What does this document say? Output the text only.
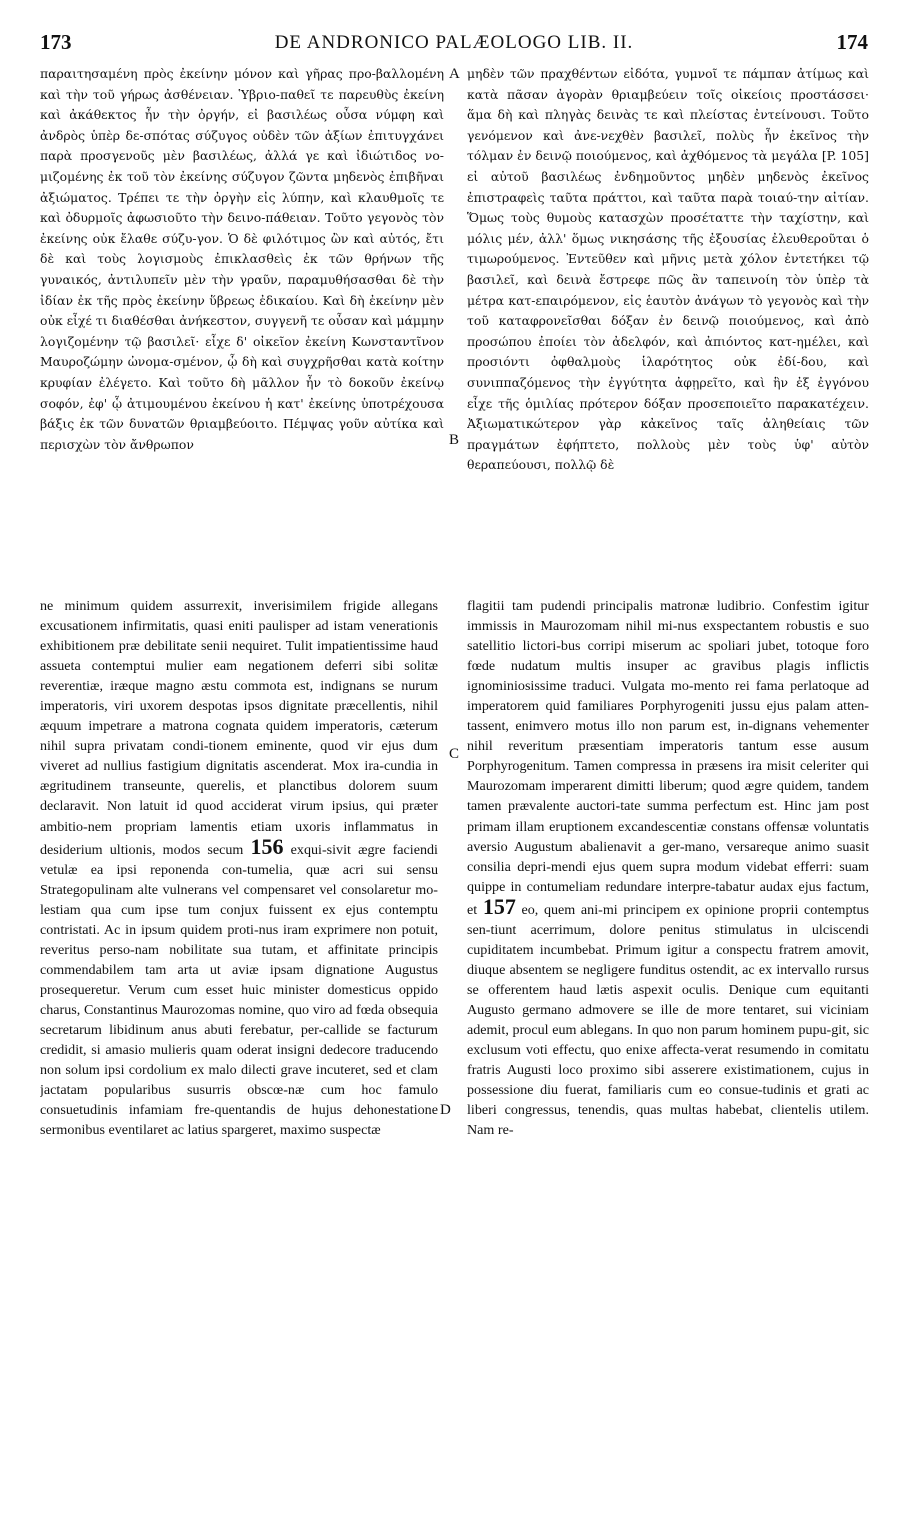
173	DE ANDRONICO PALÆOLOGO LIB. II.	174

παραιτησαμένη πρὸς ἐκείνην μόνον καὶ γῆρας προ-βαλλομένη καὶ τὴν τοῦ γήρως ἀσθένειαν. Ὑβριο-παθεῖ τε παρευθὺς ἐκείνη καὶ ἀκάθεκτος ἦν τὴν ὀργήν, εἰ βασιλέως οὖσα νύμφη καὶ ἀνδρὸς ὑπὲρ δε-σπότας σύζυγος οὐδὲν τῶν ἀξίων ἐπιτυγχάνει παρὰ προσγενοῦς μὲν βασιλέως, ἀλλά γε καὶ ἰδιώτιδος νο-μιζομένης ἐκ τοῦ τὸν ἐκείνης σύζυγον ζῶντα μηδενὸς ἐπιβῆναι ἀξιώματος. Τρέπει τε τὴν ὀργὴν εἰς λύπην, καὶ κλαυθμοῖς τε καὶ ὀδυρμοῖς ἀφωσιοῦτο τὴν δεινο-πάθειαν. Τοῦτο γεγονὸς τὸν ἐκείνης οὐκ ἔλαθε σύζυ-γον. Ὁ δὲ φιλότιμος ὢν καὶ αὐτός, ἔτι δὲ καὶ τοὺς λογισμοὺς ἐπικλασθεὶς ἐκ τῶν θρήνων τῆς γυναικός, ἀντιλυπεῖν μὲν τὴν γραῦν, παραμυθήσασθαι δὲ τὴν ἰδίαν ἐκ τῆς πρὸς ἐκείνην ὕβρεως ἐδικαίου. Καὶ δὴ ἐκείνην μὲν οὐκ εἶχέ τι διαθέσθαι ἀνήκεστον, συγγενῆ τε οὖσαν καὶ μάμμην λογιζομένην τῷ βασιλεῖ· εἶχε δ' οἰκεῖον ἐκείνη Κωνσταντῖνον Μαυροζώμην ὠνομα-σμένον, ᾧ δὴ καὶ συγχρῆσθαι κατὰ κοίτην κρυφίαν ἐλέγετο. Καὶ τοῦτο δὴ μᾶλλον ἦν τὸ δοκοῦν ἐκείνῳ σοφόν, ἐφ' ᾧ ἀτιμουμένου ἐκείνου ἡ κατ' ἐκείνης ὑποτρέχουσα βάξις ἐκ τῶν δυνατῶν θριαμβεύοιτο. Πέμψας γοῦν αὐτίκα καὶ περισχὼν τὸν ἄνθρωπον

μηδὲν τῶν πραχθέντων εἰδότα, γυμνοῖ τε πάμπαν ἀτίμως καὶ κατὰ πᾶσαν ἀγορὰν θριαμβεύειν τοῖς οἰκείοις προστάσσει· ἅμα δὴ καὶ πληγὰς δεινὰς τε καὶ πλείστας ἐντείνουσι. Τοῦτο γενόμενον καὶ ἀνε-νεχθὲν βασιλεῖ, πολὺς ἦν ἐκεῖνος τὴν τόλμαν ἐν δεινῷ ποιούμενος, καὶ ἀχθόμενος τὰ μεγάλα [P. 105] εἰ αὐτοῦ βασιλέως ἐνδημοῦντος μηδὲν μηδενὸς ἐκεῖνος ἐπιστραφεὶς ταῦτα πράττοι, καὶ ταῦτα παρὰ τοιαύ-την αἰτίαν. Ὅμως τοὺς θυμοὺς κατασχὼν προσέταττε τὴν ταχίστην, καὶ μόλις μέν, ἀλλ' ὅμως νικησάσης τῆς ἐξουσίας ἐλευθεροῦται ὁ τιμωρούμενος. Ἐντεῦθεν καὶ μῆνις μετὰ χόλον ἐντετήκει τῷ βασιλεῖ, καὶ δεινὰ ἔστρεφε πῶς ἂν ταπεινοίη τὸν ὑπὲρ τὰ μέτρα κατ-επαιρόμενον, εἰς ἑαυτὸν ἀνάγων τὸ γεγονὸς καὶ τὴν τοῦ καταφρονεῖσθαι δόξαν ἐν δεινῷ ποιούμενος, καὶ ἀπὸ προσώπου ἐποίει τὸν ἀδελφόν, καὶ ἀπιόντος κατ-ημέλει, καὶ προσιόντι ὀφθαλμοὺς ἱλαρότητος οὐκ ἐδί-δου, καὶ συνιππαζόμενος τὴν ἐγγύτητα ἀφῃρεῖτο, καὶ ἣν ἐξ ἐγγόνου εἶχε τῆς ὁμιλίας πρότερον δόξαν προσεποιεῖτο παρακατέχειν. Ἀξιωματικώτερον γὰρ κἀκεῖνος ταῖς ἀληθείαις τῶν πραγμάτων ἐφήπτετο, πολλοὺς μὲν τοὺς ὑφ' αὐτὸν θεραπεύουσι, πολλῷ δὲ

A
B
C
D

ne minimum quidem assurrexit, inverisimilem frigide allegans excusationem infirmitatis, quasi eniti paulisper ad istam venerationis exhibitionem præ debilitate senii nequiret. Tulit impatientissime haud assueta contemptui mulier eam negationem deferri sibi solitæ reverentiæ, iræque magno æstu commota est, indignans se nurum imperatoris, viri uxorem despotas ipsos dignitate præcellentis, nihil æquum impetrare a matrona cognata quidem imperatoris, cæterum nihil supra privatam condi-tionem eminente, quod vir ejus dum viveret ad nullius fastigium dignitatis ascenderat. Mox ira-cundia in ægritudinem transeunte, querelis, et planctibus dolorem suum declaravit. Non latuit id quod acciderat virum ipsius, qui præter ambitio-nem propriam lamentis etiam uxoris inflammatus in desiderium ultionis, modos secum 156 exqui-sivit ægre faciendi vetulæ ea ipsi reponenda con-tumelia, quæ acri sui sensu Strategopulinam alte vulnerans vel compensaret vel consolaretur mo-lestiam qua cum ipse tum conjux fuissent ex ejus contemptu contristati. Ac in ipsum quidem proti-nus iram exprimere non potuit, reveritus perso-nam nobilitate sua tutam, et affinitate principis commendabilem tam arta ut aviæ ipsam dignatione Augustus prosequeretur. Verum cum esset huic minister domesticus oppido charus, Constantinus Maurozomas nomine, quo viro ad fœda obsequia secretarum libidinum anus abuti ferebatur, per-callide se facturum credidit, si amasio mulieris quam oderat insigni dedecore traducendo non solum ipsi cordolium ex malo dilecti grave incuteret, sed et clam jactatam popularibus susurris obscœ-næ cum hoc famulo consuetudinis infamiam fre-quentandis de hujus dehonestatione sermonibus eventilaret ac latius spargeret, maximo suspectæ

flagitii tam pudendi principalis matronæ ludibrio. Confestim igitur immissis in Maurozomam nihil mi-nus exspectantem robustis e suo satellitio lictori-bus corripi miserum ac spoliari jubet, totoque foro fœde nudatum multis insuper ac gravibus plagis inflictis ignominiosissime traduci. Vulgata mo-mento rei fama perlatoque ad imperatorem quid familiares Porphyrogeniti jussu ejus palam atten-tassent, enimvero motus illo non parum est, in-dignans vehementer nihil reveritum præsentiam imperatoris tantum esse ausum Porphyrogenitum. Tamen compressa in præsens ira misit celeriter qui Maurozomam imperarent dimitti liberum; quod ægre quidem, tandem tamen prævalente auctori-tate summa perfectum est. Hinc jam post primam illam eruptionem excandescentiæ constans offensæ voluntatis aversio Augustum abalienavit a ger-mano, versareque animo suasit consilia depri-mendi ejus quem supra modum videbat efferri: suam quippe in contumeliam redundare interpre-tabatur audax ejus factum, et 157 eo, quem ani-mi principem ex opinione proprii contemptus sen-tiunt acerrimum, dolore penitus stimulatus in ulciscendi cupiditatem incumbebat. Primum igitur a conspectu fratrem amovit, diuque absentem se negligere funditus ostendit, ac ex intervallo rursus se offerentem haud lætis aspexit oculis. Denique cum equitanti Augusto germano admovere se ille de more tentaret, sui viciniam ademit, procul eum ablegans. In quo non parum hominem pupu-git, sic exclusum voti effectu, quo enixe affecta-verat resumendo in comitatu fratris Augusti loco proximo sibi asserere existimationem, cujus in possessione diu fuerat, familiaris cum eo consue-tudinis et grati ac liberi congressus, tenendis, quas multas habebat, clientelis utilem. Nam re-
